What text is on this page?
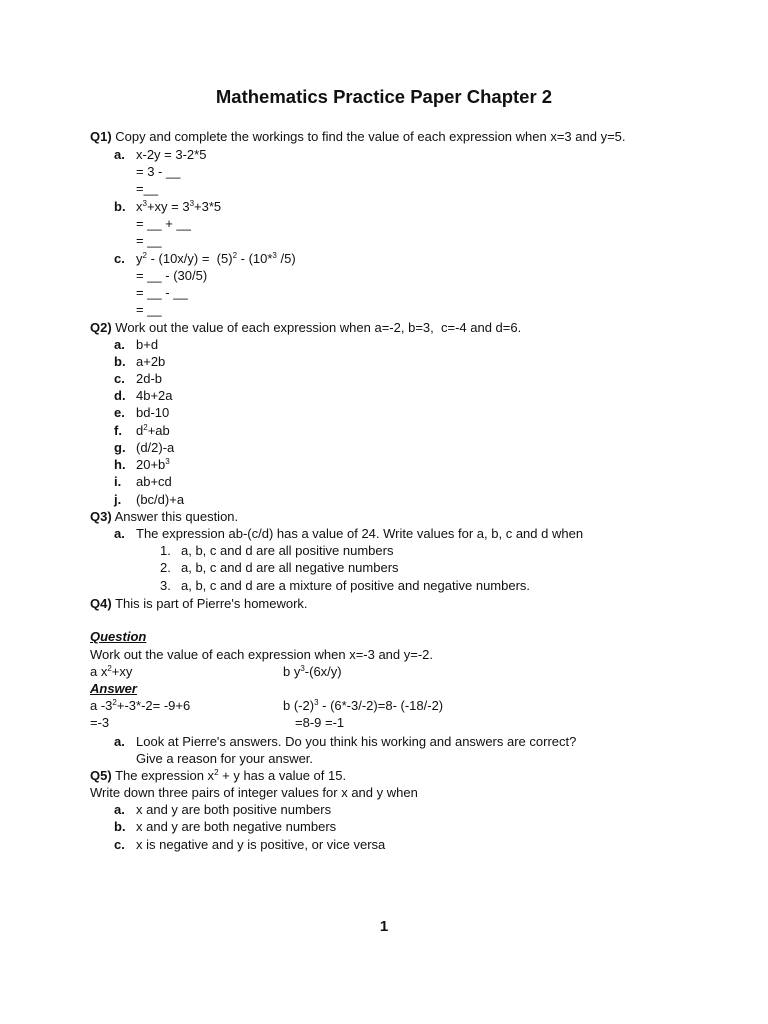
Mathematics Practice Paper Chapter 2
Q1) Copy and complete the workings to find the value of each expression when x=3 and y=5.
a. x-2y = 3-2*5
= 3 - __
=__
b. $x^3+xy = 3^3+3*5$
= __ + __
= __
c. $y^2 - (10x/y) = (5)^2 - (10*^3$ /5)
= __ - (30/5)
= __ - __
= __
Q2) Work out the value of each expression when a=-2, b=3,  c=-4 and d=6.
a. b+d
b. a+2b
c. 2d-b
d. 4b+2a
e. bd-10
f. $d^2+ab$
g. (d/2)-a
h. $20+b^3$
i. ab+cd
j. (bc/d)+a
Q3) Answer this question.
a. The expression ab-(c/d) has a value of 24. Write values for a, b, c and d when
1. a, b, c and d are all positive numbers
2. a, b, c and d are all negative numbers
3. a, b, c and d are a mixture of positive and negative numbers.
Q4) This is part of Pierre's homework.
Question
Work out the value of each expression when x=-3 and y=-2.
a $x^2+xy$	b $y^3-(6x/y)$
Answer
a $-3^2+-3*-2= -9+6$	b $(-2)^3 - (6*-3/-2)=8-$ (-18/-2)
=-3	=8-9 =-1
a. Look at Pierre's answers. Do you think his working and answers are correct?
Give a reason for your answer.
Q5) The expression $x^2 + y$ has a value of 15.
Write down three pairs of integer values for x and y when
a. x and y are both positive numbers
b. x and y are both negative numbers
c. x is negative and y is positive, or vice versa
1
